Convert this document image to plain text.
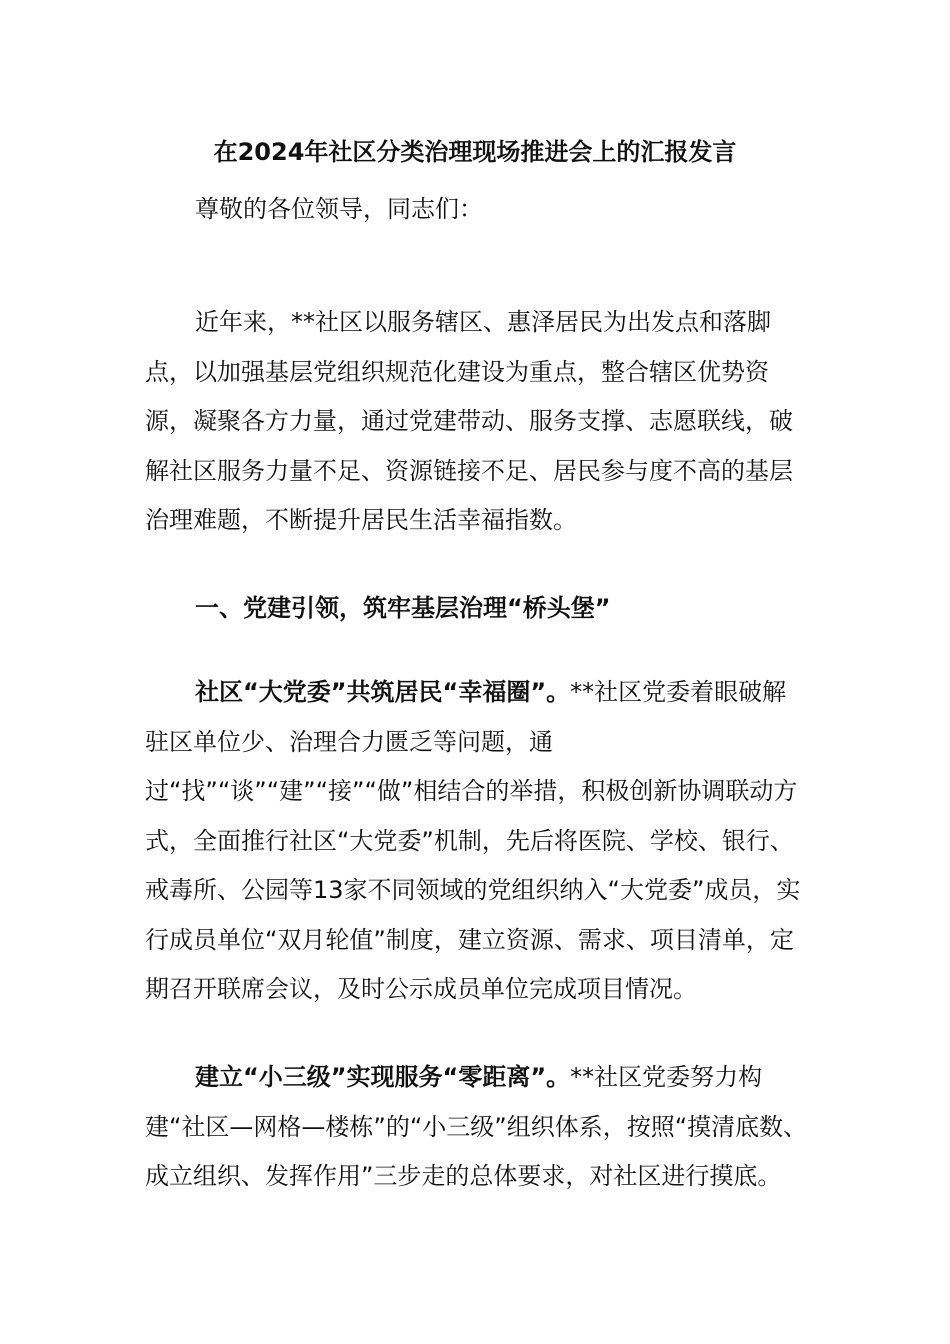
在2024年社区分类治理现场推进会上的汇报发言

尊敬的各位领导，同志们：

近年来，**社区以服务辖区、惠泽居民为出发点和落脚点，以加强基层党组织规范化建设为重点，整合辖区优势资源，凝聚各方力量，通过党建带动、服务支撑、志愿联线，破解社区服务力量不足、资源链接不足、居民参与度不高的基层治理难题，不断提升居民生活幸福指数。

一、党建引领，筑牢基层治理“桥头堡”

社区“大党委”共筑居民“幸福圈”。**社区党委着眼破解驻区单位少、治理合力匮乏等问题，通过“找”“谈”“建”“接”“做”相结合的举措，积极创新协调联动方式，全面推行社区“大党委”机制，先后将医院、学校、银行、戒毒所、公园等13家不同领域的党组织纳入“大党委”成员，实行成员单位“双月轮值”制度，建立资源、需求、项目清单，定期召开联席会议，及时公示成员单位完成项目情况。

建立“小三级”实现服务“零距离”。**社区党委努力构建“社区—网格—楼栋”的“小三级”组织体系，按照“摸清底数、成立组织、发挥作用”三步走的总体要求，对社区进行摸底。
